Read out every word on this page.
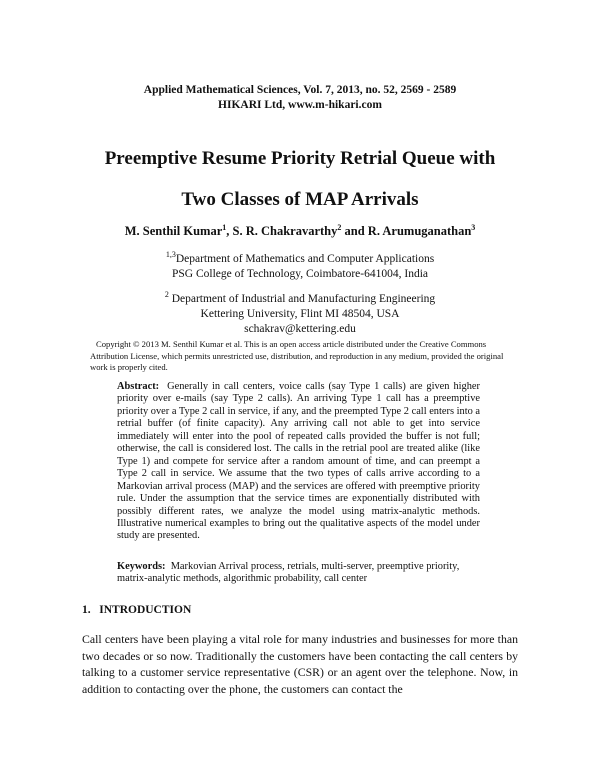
Applied Mathematical Sciences, Vol. 7, 2013, no. 52, 2569 - 2589
HIKARI Ltd, www.m-hikari.com
Preemptive Resume Priority Retrial Queue with
Two Classes of MAP Arrivals
M. Senthil Kumar$^1$, S. R. Chakravarthy$^2$ and R. Arumuganathan$^3$
$^{1,3}$Department of Mathematics and Computer Applications
PSG College of Technology, Coimbatore-641004, India
$^2$ Department of Industrial and Manufacturing Engineering
Kettering University, Flint MI 48504, USA
schakrav@kettering.edu
Copyright © 2013 M. Senthil Kumar et al. This is an open access article distributed under the Creative Commons Attribution License, which permits unrestricted use, distribution, and reproduction in any medium, provided the original work is properly cited.
Abstract: Generally in call centers, voice calls (say Type 1 calls) are given higher priority over e-mails (say Type 2 calls). An arriving Type 1 call has a preemptive priority over a Type 2 call in service, if any, and the preempted Type 2 call enters into a retrial buffer (of finite capacity). Any arriving call not able to get into service immediately will enter into the pool of repeated calls provided the buffer is not full; otherwise, the call is considered lost. The calls in the retrial pool are treated alike (like Type 1) and compete for service after a random amount of time, and can preempt a Type 2 call in service. We assume that the two types of calls arrive according to a Markovian arrival process (MAP) and the services are offered with preemptive priority rule. Under the assumption that the service times are exponentially distributed with possibly different rates, we analyze the model using matrix-analytic methods. Illustrative numerical examples to bring out the qualitative aspects of the model under study are presented.
Keywords: Markovian Arrival process, retrials, multi-server, preemptive priority, matrix-analytic methods, algorithmic probability, call center
1. INTRODUCTION
Call centers have been playing a vital role for many industries and businesses for more than two decades or so now. Traditionally the customers have been contacting the call centers by talking to a customer service representative (CSR) or an agent over the telephone. Now, in addition to contacting over the phone, the customers can contact the
